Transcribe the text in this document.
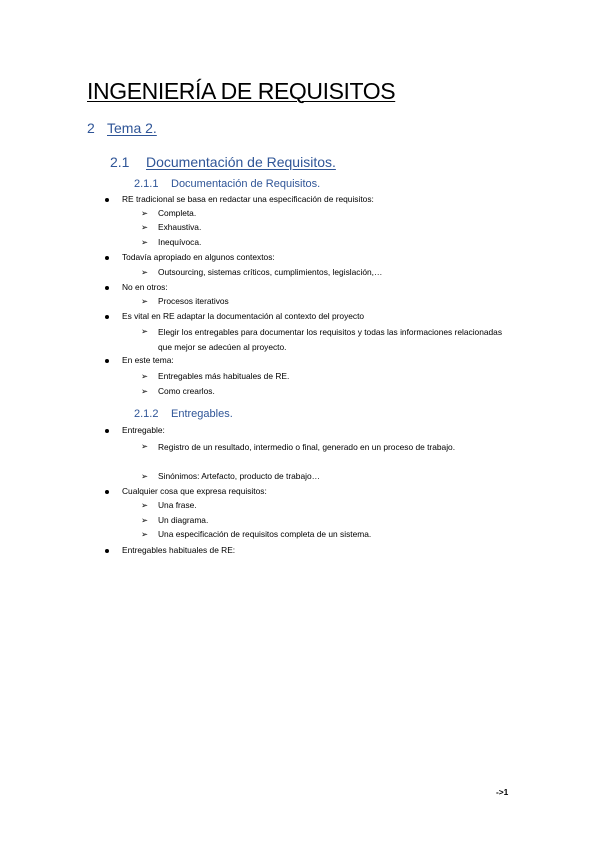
INGENIERÍA DE REQUISITOS
2 Tema 2.
2.1 Documentación de Requisitos.
2.1.1 Documentación de Requisitos.
RE tradicional se basa en redactar una especificación de requisitos:
➢ Completa.
➢ Exhaustiva.
➢ Inequívoca.
Todavía apropiado en algunos contextos:
➢ Outsourcing, sistemas críticos, cumplimientos, legislación,…
No en otros:
➢ Procesos iterativos
Es vital en RE adaptar la documentación al contexto del proyecto
➢ Elegir los entregables para documentar los requisitos y todas las informaciones relacionadas que mejor se adecúen al proyecto.
En este tema:
➢ Entregables más habituales de RE.
➢ Como crearlos.
2.1.2 Entregables.
Entregable:
➢ Registro de un resultado, intermedio o final, generado en un proceso de trabajo.
➢ Sinónimos: Artefacto, producto de trabajo…
Cualquier cosa que expresa requisitos:
➢ Una frase.
➢ Un diagrama.
➢ Una especificación de requisitos completa de un sistema.
Entregables habituales de RE:
->1
